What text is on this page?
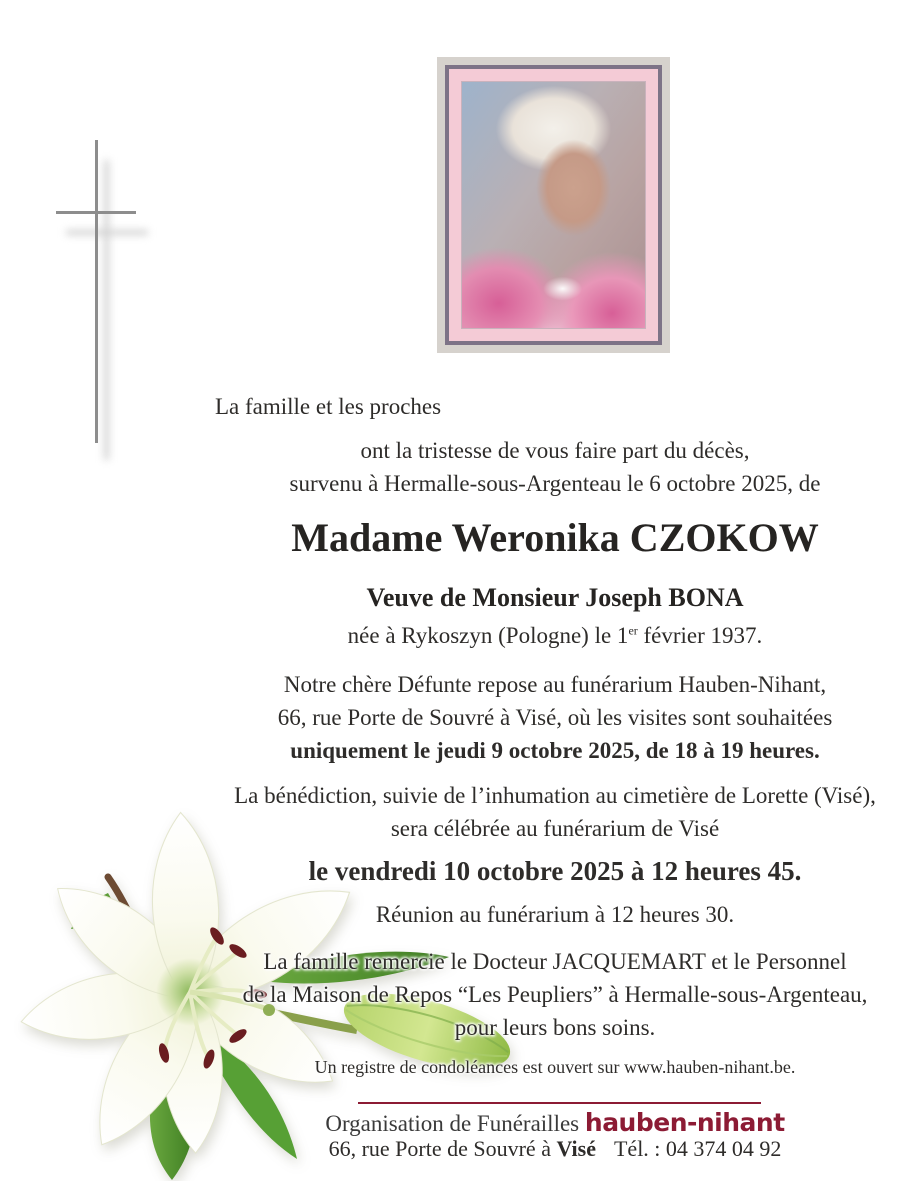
La famille et les proches
ont la tristesse de vous faire part du décès,
survenu à Hermalle-sous-Argenteau le 6 octobre 2025, de
Madame Weronika CZOKOW
Veuve de Monsieur Joseph BONA
née à Rykoszyn (Pologne) le 1er février 1937.
Notre chère Défunte repose au funérarium Hauben-Nihant,
66, rue Porte de Souvré à Visé, où les visites sont souhaitées
uniquement le jeudi 9 octobre 2025, de 18 à 19 heures.
La bénédiction, suivie de l’inhumation au cimetière de Lorette (Visé),
sera célébrée au funérarium de Visé
le vendredi 10 octobre 2025 à 12 heures 45.
Réunion au funérarium à 12 heures 30.
La famille remercie le Docteur JACQUEMART et le Personnel
de la Maison de Repos “Les Peupliers” à Hermalle-sous-Argenteau,
pour leurs bons soins.
Un registre de condoléances est ouvert sur www.hauben-nihant.be.
Organisation de Funérailles hauben-nihant
66, rue Porte de Souvré à Visé Tél. : 04 374 04 92
